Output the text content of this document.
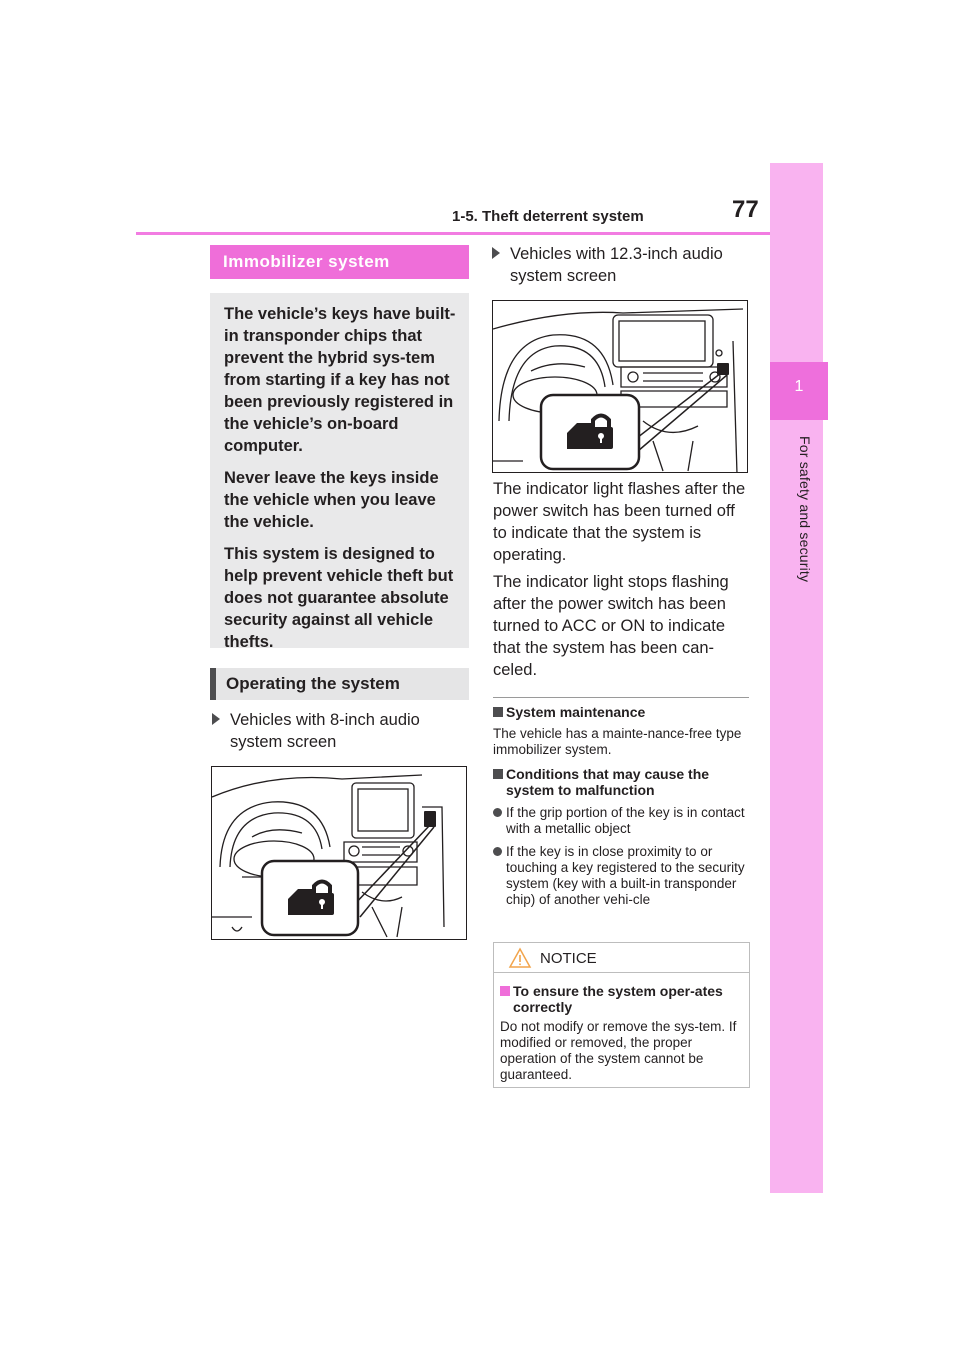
1-5. Theft deterrent system	77
1
For safety and security
Immobilizer system

The vehicle’s keys have built-in transponder chips that prevent the hybrid sys-tem from starting if a key has not been previously registered in the vehicle’s on-board computer.

Never leave the keys inside the vehicle when you leave the vehicle.

This system is designed to help prevent vehicle theft but does not guarantee absolute security against all vehicle thefts.

Operating the system
Vehicles with 8-inch audio system screen
Vehicles with 12.3-inch audio system screen
The indicator light flashes after the power switch has been turned off to indicate that the system is operating.
The indicator light stops flashing after the power switch has been turned to ACC or ON to indicate that the system has been can-celed.
System maintenance
The vehicle has a mainte-nance-free type immobilizer system.
Conditions that may cause the system to malfunction
If the grip portion of the key is in contact with a metallic object
If the key is in close proximity to or touching a key registered to the security system (key with a built-in transponder chip) of another vehi-cle
NOTICE
To ensure the system oper-ates correctly
Do not modify or remove the sys-tem. If modified or removed, the proper operation of the system cannot be guaranteed.
